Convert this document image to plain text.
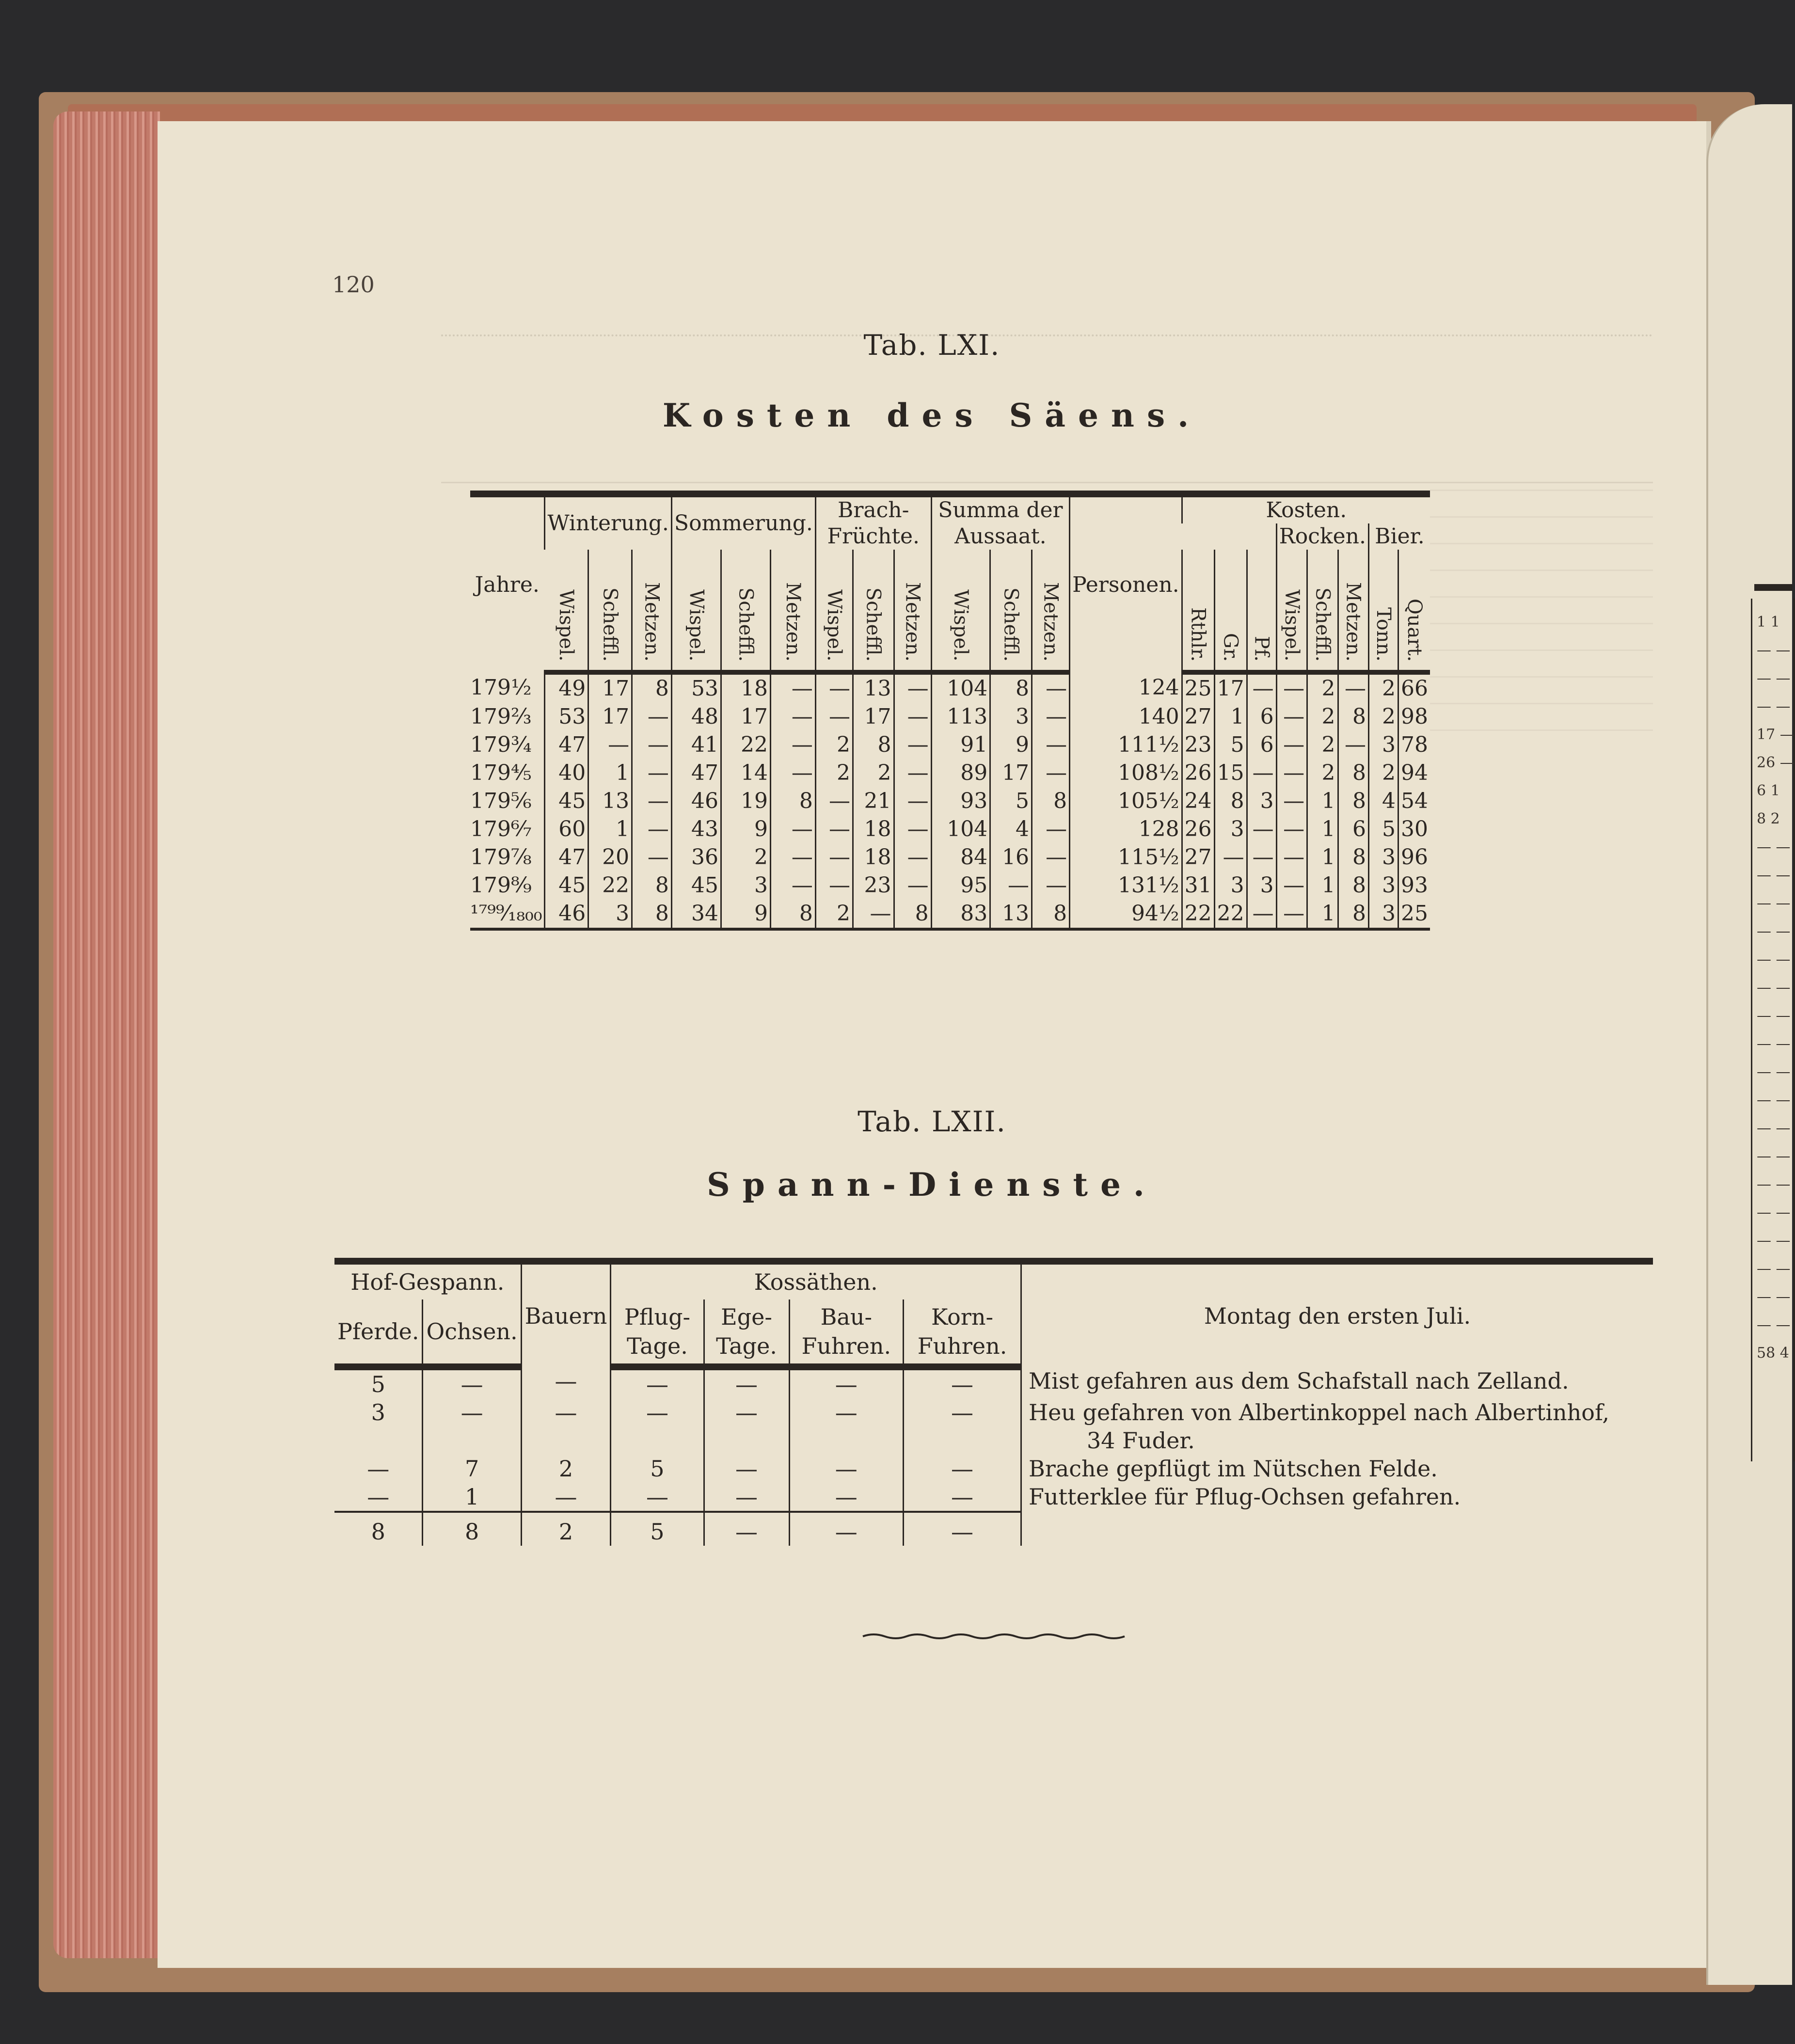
1 1
— —
— —
— —
17 —
26 —
6 1
8 2
— —
— —
— —
— —
— —
— —
— —
— —
— —
— —
— —
— —
— —
— —
— —
— —
— —
— —
58 4
120
Tab. LXI.
Kosten des Säens.
Jahre.	Winterung.			Sommerung.			Brach-Früchte.			Summa der Aussaat.			Personen.	Kosten.							
																	Rocken.			Bier.	
	Wispel.	Scheffl.	Metzen.	Wispel.	Scheffl.	Metzen.	Wispel.	Scheffl.	Metzen.	Wispel.	Scheffl.	Metzen.		Rthlr.	Gr.	Pf.	Wispel.	Scheffl.	Metzen.	Tonn.	Quart.
179½	49	17	8	53	18	—	—	13	—	104	8	—	124	25	17	—	—	2	—	2	66
179⅔	53	17	—	48	17	—	—	17	—	113	3	—	140	27	1	6	—	2	8	2	98
179¾	47	—	—	41	22	—	2	8	—	91	9	—	111½	23	5	6	—	2	—	3	78
179⅘	40	1	—	47	14	—	2	2	—	89	17	—	108½	26	15	—	—	2	8	2	94
179⅚	45	13	—	46	19	8	—	21	—	93	5	8	105½	24	8	3	—	1	8	4	54
179⁶⁄₇	60	1	—	43	9	—	—	18	—	104	4	—	128	26	3	—	—	1	6	5	30
179⅞	47	20	—	36	2	—	—	18	—	84	16	—	115½	27	—	—	—	1	8	3	96
179⁸⁄₉	45	22	8	45	3	—	—	23	—	95	—	—	131½	31	3	3	—	1	8	3	93
¹⁷⁹⁹⁄₁₈₀₀	46	3	8	34	9	8	2	—	8	83	13	8	94½	22	22	—	—	1	8	3	25
Tab. LXII.
Spann-Dienste.
Hof-Gespann.		Bauern	Kossäthen.				Montag den ersten Juli.
Pferde.	Ochsen.		Pflug-Tage.	Ege-Tage.	Bau-Fuhren.	Korn-Fuhren.	
5	—	—	—	—	—	—	Mist gefahren aus dem Schafstall nach Zelland.
3	—	—	—	—	—	—	Heu gefahren von Albertinkoppel nach Albertinhof,
34 Fuder.
—	7	2	5	—	—	—	Brache gepflügt im Nütschen Felde.
—	1	—	—	—	—	—	Futterklee für Pflug-Ochsen gefahren.
8	8	2	5	—	—	—	
